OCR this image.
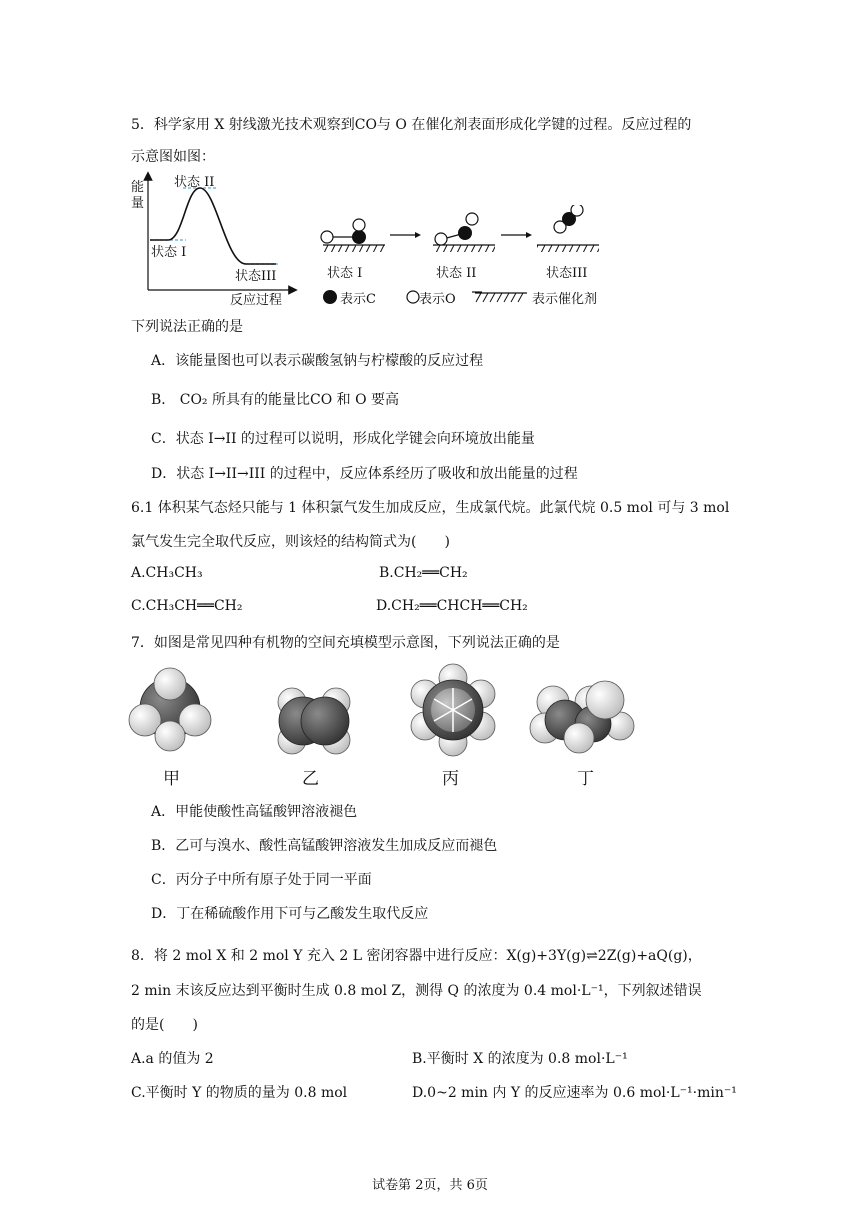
5．科学家用 X 射线激光技术观察到CO与 O 在催化剂表面形成化学键的过程。反应过程的
示意图如图：
能
量
状态 II
状态 I
状态III
反应过程
状态 I	状态 II	状态III
表示C	表示O	表示催化剂
下列说法正确的是
A．该能量图也可以表示碳酸氢钠与柠檬酸的反应过程
B． CO₂ 所具有的能量比CO 和 O 要高
C．状态 I→II 的过程可以说明，形成化学键会向环境放出能量
D．状态 I→II→III 的过程中，反应体系经历了吸收和放出能量的过程
6.1 体积某气态烃只能与 1 体积氯气发生加成反应，生成氯代烷。此氯代烷 0.5 mol 可与 3 mol
氯气发生完全取代反应，则该烃的结构简式为(　　)
A.CH₃CH₃	B.CH₂══CH₂
C.CH₃CH══CH₂	D.CH₂══CHCH══CH₂
7．如图是常见四种有机物的空间充填模型示意图，下列说法正确的是
甲	乙	丙	丁
A．甲能使酸性高锰酸钾溶液褪色
B．乙可与溴水、酸性高锰酸钾溶液发生加成反应而褪色
C．丙分子中所有原子处于同一平面
D．丁在稀硫酸作用下可与乙酸发生取代反应
8．将 2 mol X 和 2 mol Y 充入 2 L 密闭容器中进行反应：X(g)+3Y(g)⇌2Z(g)+aQ(g)，
2 min 末该反应达到平衡时生成 0.8 mol Z，测得 Q 的浓度为 0.4 mol·L⁻¹，下列叙述错误
的是(　　)
A.a 的值为 2	B.平衡时 X 的浓度为 0.8 mol·L⁻¹
C.平衡时 Y 的物质的量为 0.8 mol	D.0~2 min 内 Y 的反应速率为 0.6 mol·L⁻¹·min⁻¹
试卷第 2页，共 6页
